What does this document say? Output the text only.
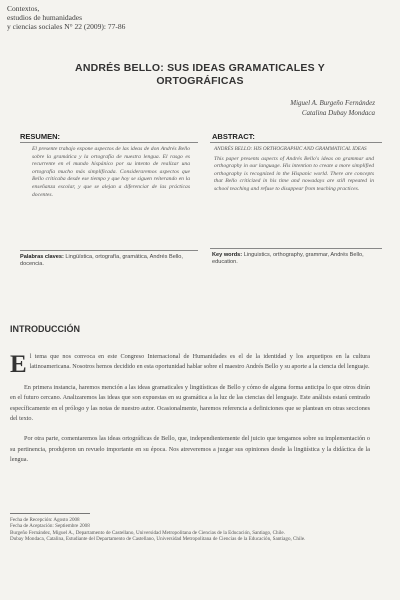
Contextos,
estudios de humanidades
y ciencias sociales N° 22 (2009): 77-86
ANDRÉS BELLO: SUS IDEAS GRAMATICALES Y
ORTOGRÁFICAS
Miguel A. Burgeño Fernández
Catalina Dubay Mondaca
RESUMEN:
El presente trabajo expone aspectos de las ideas de don Andrés Bello sobre la gramática y la ortografía de nuestra lengua. El rasgo es recurrente en el mundo hispánico por su intento de realizar una ortografía mucho más simplificada. Consideraremos aspectos que Bello criticaba desde ese tiempo y que hoy se siguen reiterando en la enseñanza escolar, y que se alejan a diferenciar de las prácticas docentes.
Palabras claves: Lingüística, ortografía, gramática, Andrés Bello, docencia.
ABSTRACT:
ANDRÉS BELLO: HIS ORTHOGRAPHIC AND GRAMMATICAL IDEAS
This paper presents aspects of Andrés Bello's ideas on grammar and orthography in our language. His intention to create a more simplified orthography is recognized in the Hispanic world. There are concepts that Bello criticized in his time and nowadays are still repeated in school teaching and refuse to disappear from teaching practices.
Key words: Linguistics, orthography, grammar, Andrés Bello, education.
INTRODUCCIÓN

E l tema que nos convoca en este Congreso Internacional de Humanidades es el de la identidad y los arquetipos en la cultura latinoamericana. Nosotros hemos decidido en esta oportunidad hablar sobre el maestro Andrés Bello y su aporte a la ciencia del lenguaje.

En primera instancia, haremos mención a las ideas gramaticales y lingüísticas de Bello y cómo de alguna forma anticipa lo que otros dirán en el futuro cercano. Analizaremos las ideas que son expuestas en su gramática a la luz de las ciencias del lenguaje. Este análisis estará centrado específicamente en el prólogo y las notas de nuestro autor. Ocasionalmente, haremos referencia a definiciones que se plantean en otras secciones del texto.

Por otra parte, comentaremos las ideas ortográficas de Bello, que, independientemente del juicio que tengamos sobre su implementación o su pertinencia, produjeron un revuelo importante en su época. Nos atreveremos a juzgar sus opiniones desde la lingüística y la didáctica de la lengua.

Fecha de Recepción: Agosto 2008
Fecha de Aceptación: Septiembre 2008
Burgeño Fernández, Miguel A., Departamento de Castellano, Universidad Metropolitana de Ciencias de la Educación, Santiago, Chile.
Dubay Mondaca, Catalina, Estudiante del Departamento de Castellano, Universidad Metropolitana de Ciencias de la Educación, Santiago, Chile.
